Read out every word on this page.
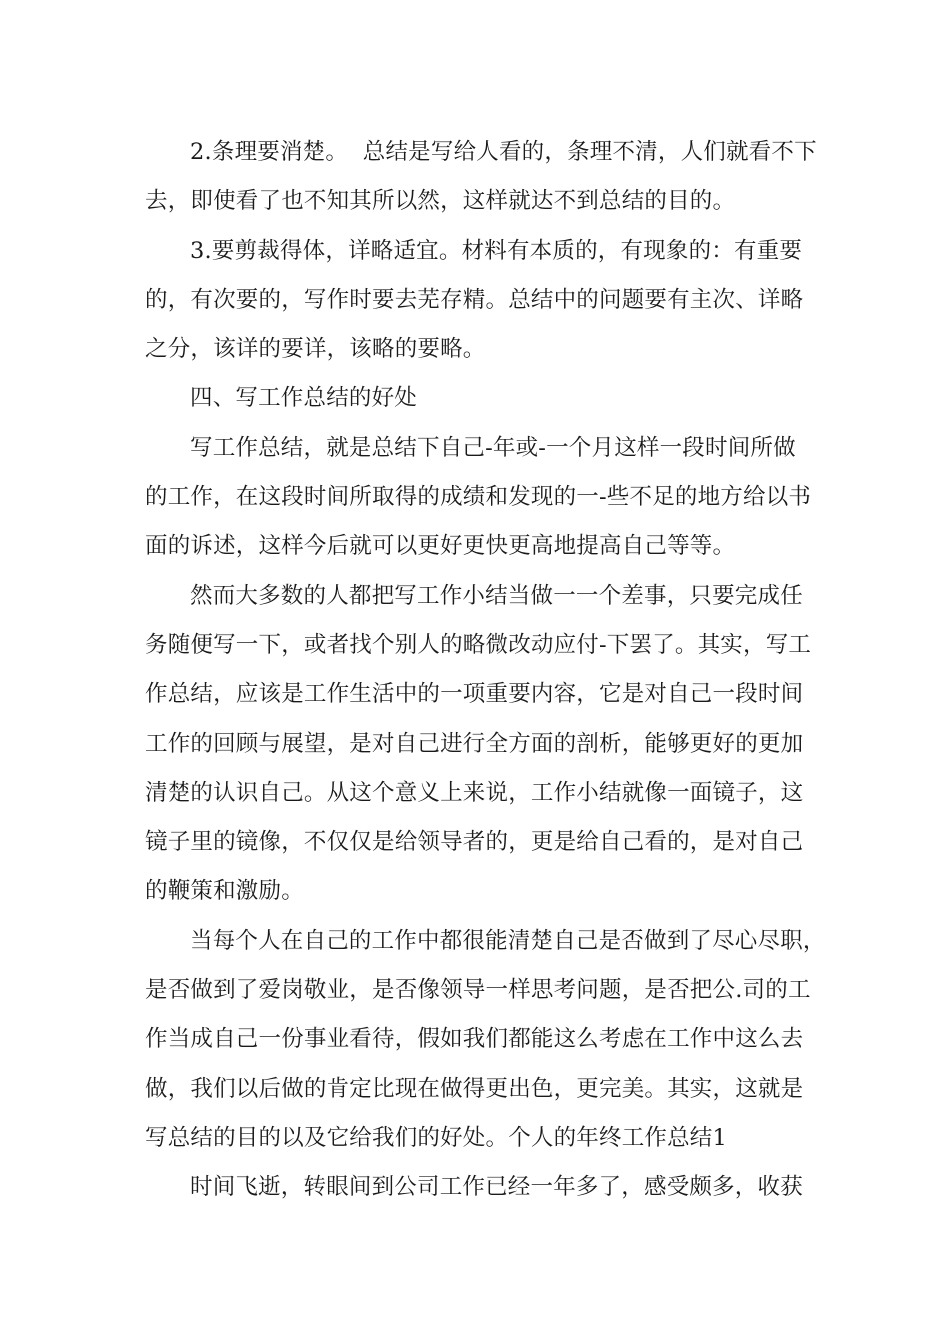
2.条理要消楚。  总结是写给人看的，条理不清，人们就看不下
去，即使看了也不知其所以然，这样就达不到总结的目的。
3.要剪裁得体，详略适宜。材料有本质的，有现象的：有重要
的，有次要的，写作时要去芜存精。总结中的问题要有主次、详略
之分，该详的要详，该略的要略。
四、写工作总结的好处
写工作总结，就是总结下自己-年或-一个月这样一段时间所做
的工作，在这段时间所取得的成绩和发现的一-些不足的地方给以书
面的诉述，这样今后就可以更好更快更高地提高自己等等。
然而大多数的人都把写工作小结当做一一个差事，只要完成任
务随便写一下，或者找个别人的略微改动应付-下罢了。其实，写工
作总结，应该是工作生活中的一项重要内容，它是对自己一段时间
工作的回顾与展望，是对自己进行全方面的剖析，能够更好的更加
清楚的认识自己。从这个意义上来说，工作小结就像一面镜子，这
镜子里的镜像，不仅仅是给领导者的，更是给自己看的，是对自己
的鞭策和激励。
当每个人在自己的工作中都很能清楚自己是否做到了尽心尽职，
是否做到了爱岗敬业，是否像领导一样思考问题，是否把公.司的工
作当成自己一份事业看待，假如我们都能这么考虑在工作中这么去
做，我们以后做的肯定比现在做得更出色，更完美。其实，这就是
写总结的目的以及它给我们的好处。个人的年终工作总结1
时间飞逝，转眼间到公司工作已经一年多了，感受颇多，收获
